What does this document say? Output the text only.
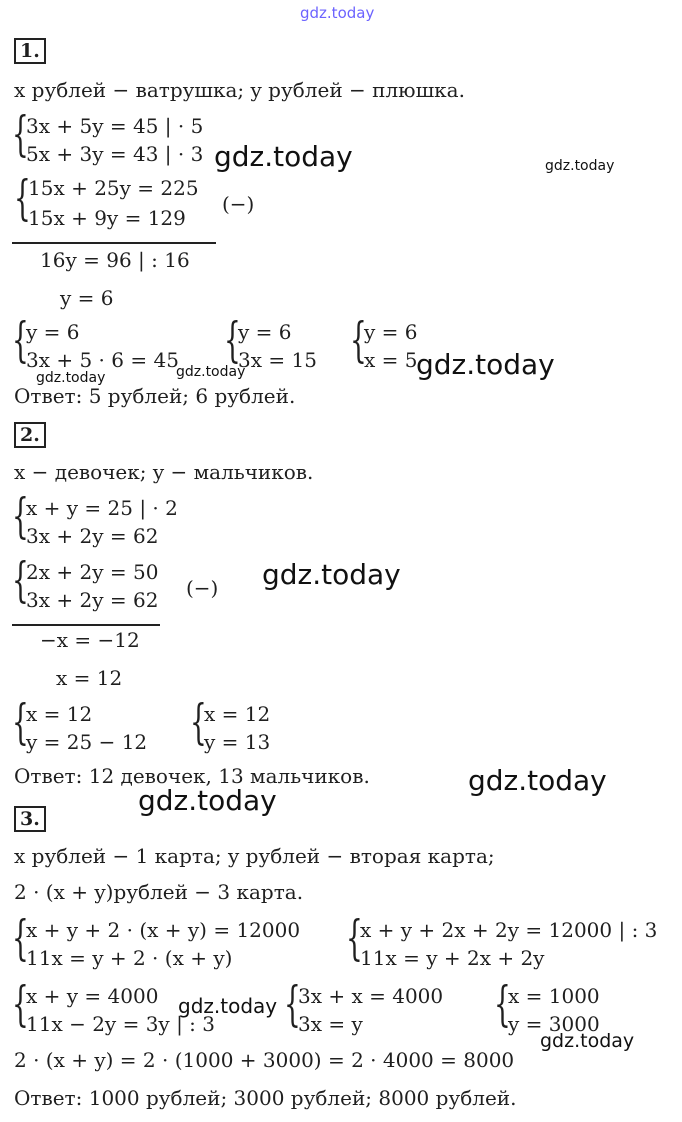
gdz.today
1.
x рублей − ватрушка; y рублей − плюшка.
{
3x + 5y = 45 | · 5
5x + 3y = 43 | · 3
{
15x + 25y = 225
15x + 9y = 129
(−)
16y = 96 | : 16
y = 6
{
y = 6
3x + 5 · 6 = 45 {
y = 6
3x = 15 {
y = 6
x = 5
Ответ: 5 рублей; 6 рублей.
gdz.today	gdz.today
gdz.today
gdz.today	gdz.today
2.
x − девочек; y − мальчиков.
{
x + y = 25 | · 2
3x + 2y = 62
{
2x + 2y = 50
3x + 2y = 62 (−)
−x = −12
x = 12
{
x = 12
y = 25 − 12 {
x = 12
y = 13
Ответ: 12 девочек, 13 мальчиков.
gdz.today
gdz.today
gdz.today
3.
x рублей − 1 карта; y рублей − вторая карта;
2 · (x + y)рублей − 3 карта.
{
x + y + 2 · (x + y) = 12000
11x = y + 2 · (x + y) {
x + y + 2x + 2y = 12000 | : 3
11x = y + 2x + 2y
{
x + y = 4000
11x − 2y = 3y | : 3 {
3x + x = 4000
3x = y	{
x = 1000
y = 3000
2 · (x + y) = 2 · (1000 + 3000) = 2 · 4000 = 8000
Ответ: 1000 рублей; 3000 рублей; 8000 рублей.
gdz.today
gdz.today
